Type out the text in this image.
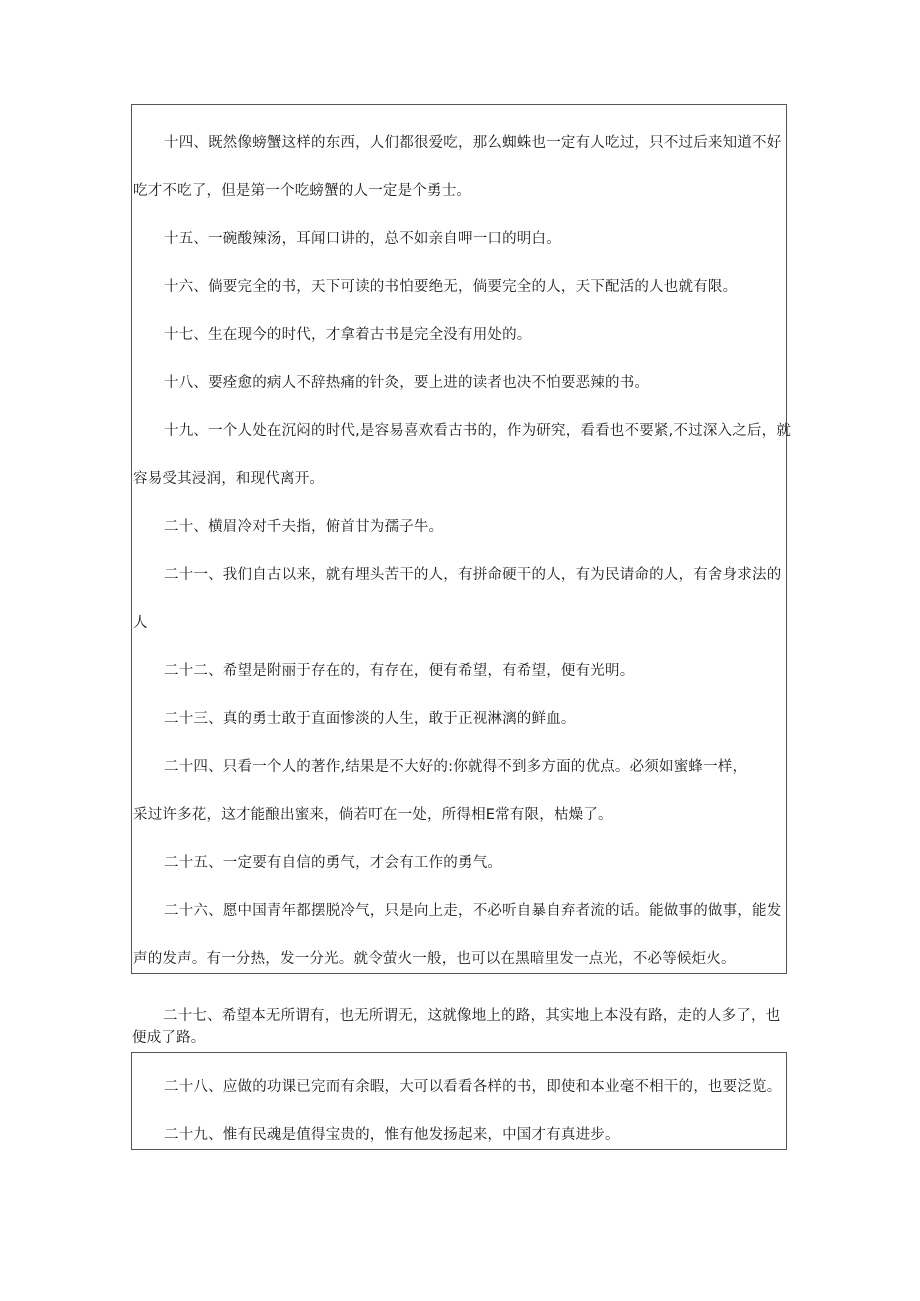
十四、既然像螃蟹这样的东西，人们都很爱吃，那么蜘蛛也一定有人吃过，只不过后来知道不好
吃才不吃了，但是第一个吃螃蟹的人一定是个勇士。
十五、一碗酸辣汤，耳闻口讲的，总不如亲自呷一口的明白。
十六、倘要完全的书，天下可读的书怕要绝无，倘要完全的人，天下配活的人也就有限。
十七、生在现今的时代，才拿着古书是完全没有用处的。
十八、要痊愈的病人不辞热痛的针灸，要上进的读者也决不怕要恶辣的书。
十九、一个人处在沉闷的时代,是容易喜欢看古书的，作为研究，看看也不要紧,不过深入之后，就
容易受其浸润，和现代离开。
二十、横眉冷对千夫指，俯首甘为孺子牛。
二十一、我们自古以来，就有埋头苦干的人，有拼命硬干的人，有为民请命的人，有舍身求法的
人
二十二、希望是附丽于存在的，有存在，便有希望，有希望，便有光明。
二十三、真的勇士敢于直面惨淡的人生，敢于正视淋漓的鲜血。
二十四、只看一个人的著作,结果是不大好的:你就得不到多方面的优点。必须如蜜蜂一样，
采过许多花，这才能酿出蜜来，倘若叮在一处，所得相E常有限，枯燥了。
二十五、一定要有自信的勇气，才会有工作的勇气。
二十六、愿中国青年都摆脱冷气，只是向上走，不必听自暴自弃者流的话。能做事的做事，能发
声的发声。有一分热，发一分光。就令萤火一般，也可以在黑暗里发一点光，不必等候炬火。
二十七、希望本无所谓有，也无所谓无，这就像地上的路，其实地上本没有路，走的人多了，也
便成了路。
二十八、应做的功课已完而有余暇，大可以看看各样的书，即使和本业毫不相干的，也要泛览。
二十九、惟有民魂是值得宝贵的，惟有他发扬起来，中国才有真进步。
